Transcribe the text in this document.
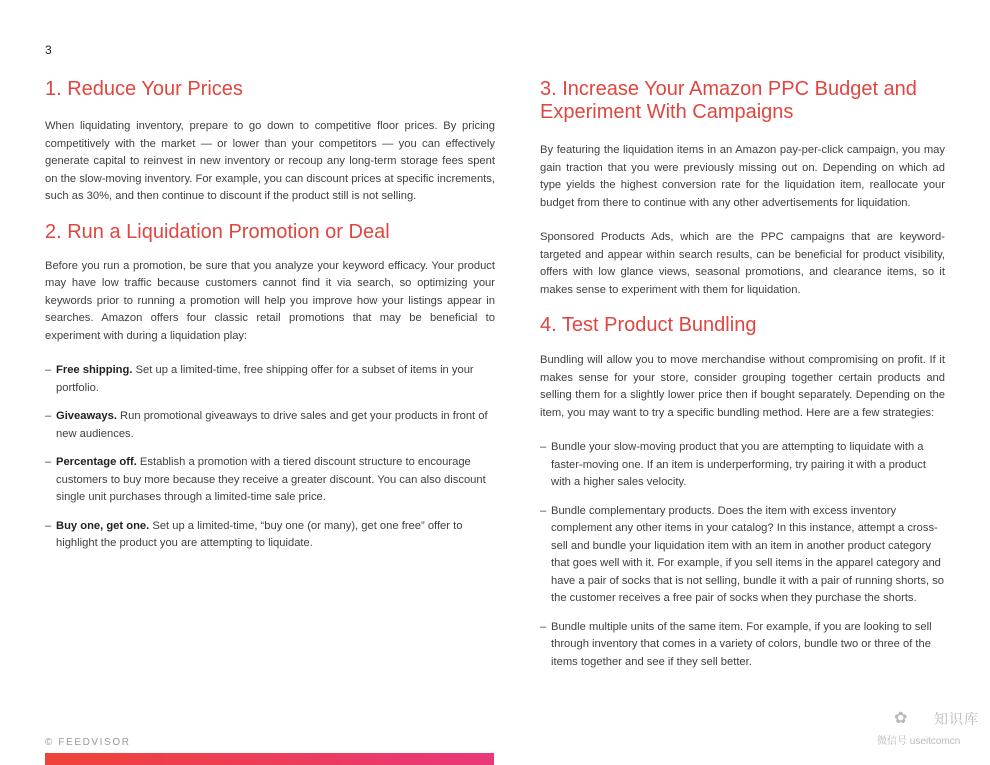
3
1. Reduce Your Prices

When liquidating inventory, prepare to go down to competitive floor prices. By pricing competitively with the market — or lower than your competitors — you can effectively generate capital to reinvest in new inventory or recoup any long-term storage fees spent on the slow-moving inventory. For example, you can discount prices at specific increments, such as 30%, and then continue to discount if the product still is not selling.

2. Run a Liquidation Promotion or Deal

Before you run a promotion, be sure that you analyze your keyword efficacy. Your product may have low traffic because customers cannot find it via search, so optimizing your keywords prior to running a promotion will help you improve how your listings appear in searches. Amazon offers four classic retail promotions that may be beneficial to experiment with during a liquidation play:

– Free shipping. Set up a limited-time, free shipping offer for a subset of items in your portfolio.
– Giveaways. Run promotional giveaways to drive sales and get your products in front of new audiences.
– Percentage off. Establish a promotion with a tiered discount structure to encourage customers to buy more because they receive a greater discount. You can also discount single unit purchases through a limited-time sale price.
– Buy one, get one. Set up a limited-time, “buy one (or many), get one free” offer to highlight the product you are attempting to liquidate.
3. Increase Your Amazon PPC Budget and Experiment With Campaigns

By featuring the liquidation items in an Amazon pay-per-click campaign, you may gain traction that you were previously missing out on. Depending on which ad type yields the highest conversion rate for the liquidation item, reallocate your budget from there to continue with any other advertisements for liquidation.

Sponsored Products Ads, which are the PPC campaigns that are keyword-targeted and appear within search results, can be beneficial for product visibility, offers with low glance views, seasonal promotions, and clearance items, so it makes sense to experiment with them for liquidation.

4. Test Product Bundling

Bundling will allow you to move merchandise without compromising on profit. If it makes sense for your store, consider grouping together certain products and selling them for a slightly lower price then if bought separately. Depending on the item, you may want to try a specific bundling method. Here are a few strategies:

– Bundle your slow-moving product that you are attempting to liquidate with a faster-moving one. If an item is underperforming, try pairing it with a product with a higher sales velocity.
– Bundle complementary products. Does the item with excess inventory complement any other items in your catalog? In this instance, attempt a cross-sell and bundle your liquidation item with an item in another product category that goes well with it. For example, if you sell items in the apparel category and have a pair of socks that is not selling, bundle it with a pair of running shorts, so the customer receives a free pair of socks when they purchase the shorts.
– Bundle multiple units of the same item. For example, if you are looking to sell through inventory that comes in a variety of colors, bundle two or three of the items together and see if they sell better.
© FEEDVISOR
✿ 知识库
微信号 useitcomcn
